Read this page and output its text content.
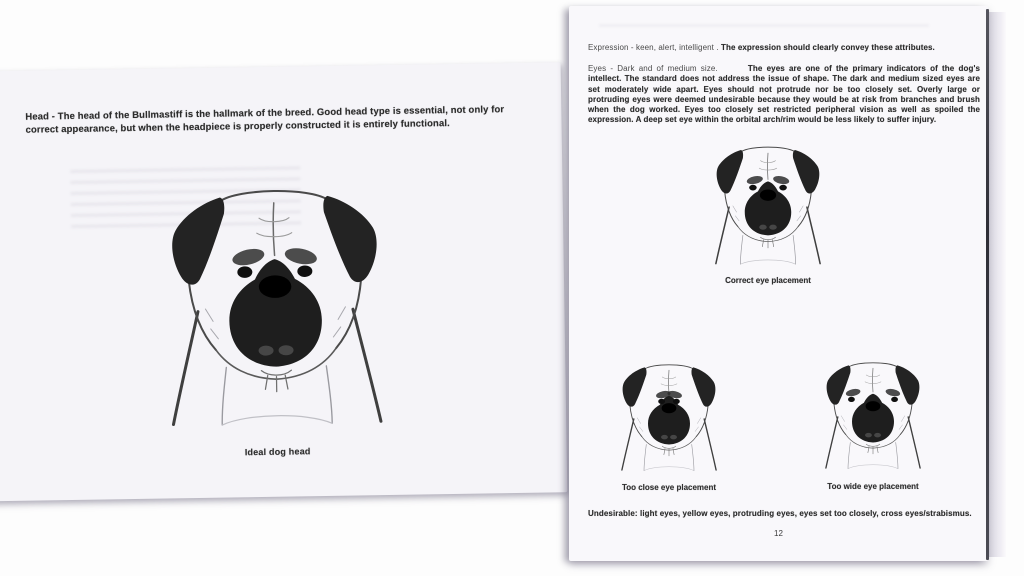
Head - The head of the Bullmastiff is the hallmark of the breed. Good head type is essential, not only for correct appearance, but when the headpiece is properly constructed it is entirely functional.

Ideal dog head

Expression - keen, alert, intelligent . The expression should clearly convey these attributes.

Eyes - Dark and of medium size.	The eyes are one of the primary indicators of the dog's intellect. The standard does not address the issue of shape. The dark and medium sized eyes are set moderately wide apart. Eyes should not protrude nor be too closely set. Overly large or protruding eyes were deemed undesirable because they would be at risk from branches and brush when the dog worked. Eyes too closely set restricted peripheral vision as well as spoiled the expression. A deep set eye within the orbital arch/rim would be less likely to suffer injury.

Correct eye placement
Too close eye placement	Too wide eye placement

Undesirable: light eyes, yellow eyes, protruding eyes, eyes set too closely, cross eyes/strabismus.

12
